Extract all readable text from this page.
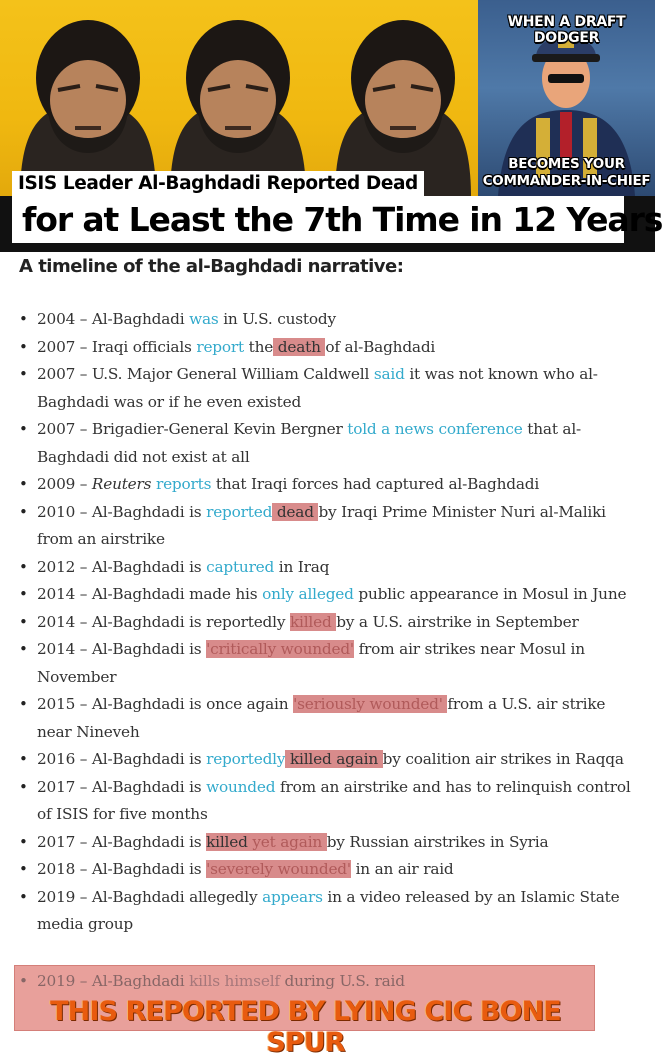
WHEN A DRAFT DODGER
BECOMES YOUR
COMMANDER-IN-CHIEF
ISIS Leader Al-Baghdadi Reported Dead
for at Least the 7th Time in 12 Years
A timeline of the al-Baghdadi narrative:
• 2004 – Al-Baghdadi was in U.S. custody
• 2007 – Iraqi officials report the death of al-Baghdadi
• 2007 – U.S. Major General William Caldwell said it was not known who al-Baghdadi was or if he even existed
• 2007 – Brigadier-General Kevin Bergner told a news conference that al-Baghdadi did not exist at all
• 2009 – Reuters reports that Iraqi forces had captured al-Baghdadi
• 2010 – Al-Baghdadi is reported dead by Iraqi Prime Minister Nuri al-Maliki from an airstrike
• 2012 – Al-Baghdadi is captured in Iraq
• 2014 – Al-Baghdadi made his only alleged public appearance in Mosul in June
• 2014 – Al-Baghdadi is reportedly killed by a U.S. airstrike in September
• 2014 – Al-Baghdadi is 'critically wounded' from air strikes near Mosul in November
• 2015 – Al-Baghdadi is once again 'seriously wounded' from a U.S. air strike near Nineveh
• 2016 – Al-Baghdadi is reportedly killed again by coalition air strikes in Raqqa
• 2017 – Al-Baghdadi is wounded from an airstrike and has to relinquish control of ISIS for five months
• 2017 – Al-Baghdadi is killed yet again by Russian airstrikes in Syria
• 2018 – Al-Baghdadi is 'severely wounded' in an air raid
• 2019 – Al-Baghdadi allegedly appears in a video released by an Islamic State media group
• 2019 – Al-Baghdadi kills himself during U.S. raid
THIS REPORTED BY LYING CIC BONE SPUR
